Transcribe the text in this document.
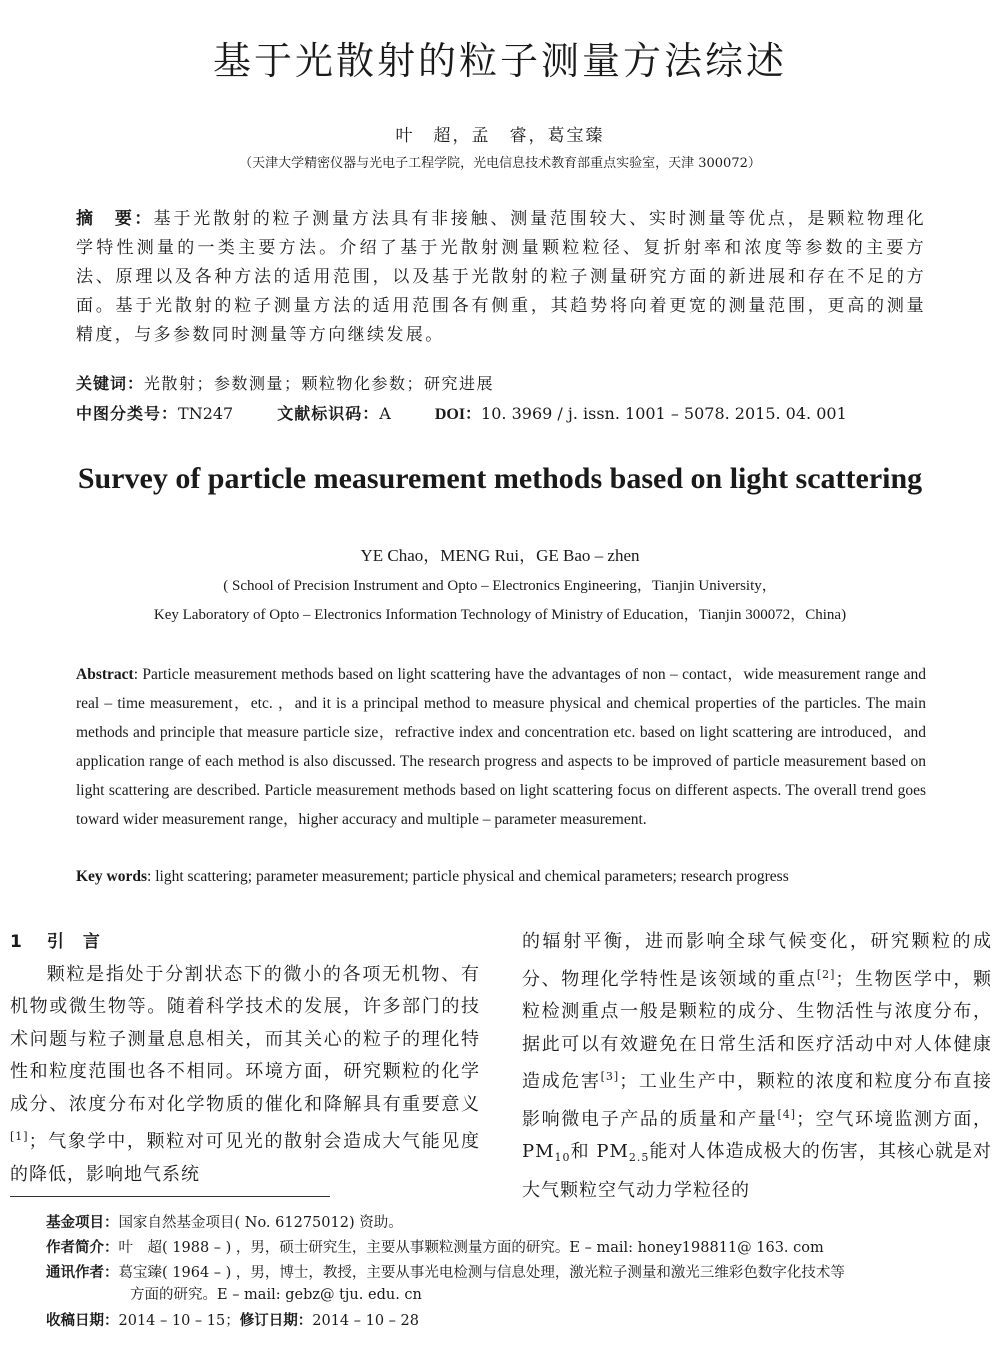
基于光散射的粒子测量方法综述
叶　超，孟　睿，葛宝臻
（天津大学精密仪器与光电子工程学院，光电信息技术教育部重点实验室，天津 300072）

摘　要：基于光散射的粒子测量方法具有非接触、测量范围较大、实时测量等优点，是颗粒物理化学特性测量的一类主要方法。介绍了基于光散射测量颗粒粒径、复折射率和浓度等参数的主要方法、原理以及各种方法的适用范围，以及基于光散射的粒子测量研究方面的新进展和存在不足的方面。基于光散射的粒子测量方法的适用范围各有侧重，其趋势将向着更宽的测量范围，更高的测量精度，与多参数同时测量等方向继续发展。

关键词：光散射；参数测量；颗粒物化参数；研究进展
中图分类号：TN247	文献标识码：A	DOI：10. 3969 / j. issn. 1001 – 5078. 2015. 04. 001
Survey of particle measurement methods based on light scattering
YE Chao，MENG Rui，GE Bao – zhen
( School of Precision Instrument and Opto – Electronics Engineering，Tianjin University，
Key Laboratory of Opto – Electronics Information Technology of Ministry of Education，Tianjin 300072，China)

Abstract: Particle measurement methods based on light scattering have the advantages of non – contact，wide measurement range and real – time measurement，etc. ，and it is a principal method to measure physical and chemical properties of the particles. The main methods and principle that measure particle size，refractive index and concentration etc. based on light scattering are introduced，and application range of each method is also discussed. The research progress and aspects to be improved of particle measurement based on light scattering are described. Particle measurement methods based on light scattering focus on different aspects. The overall trend goes toward wider measurement range，higher accuracy and multiple – parameter measurement.

Key words: light scattering; parameter measurement; particle physical and chemical parameters; research progress
1 引　言
颗粒是指处于分割状态下的微小的各项无机物、有机物或微生物等。随着科学技术的发展，许多部门的技术问题与粒子测量息息相关，而其关心的粒子的理化特性和粒度范围也各不相同。环境方面，研究颗粒的化学成分、浓度分布对化学物质的催化和降解具有重要意义[1]；气象学中，颗粒对可见光的散射会造成大气能见度的降低，影响地气系统
的辐射平衡，进而影响全球气候变化，研究颗粒的成分、物理化学特性是该领域的重点[2]；生物医学中，颗粒检测重点一般是颗粒的成分、生物活性与浓度分布，据此可以有效避免在日常生活和医疗活动中对人体健康造成危害[3]；工业生产中，颗粒的浓度和粒度分布直接影响微电子产品的质量和产量[4]；空气环境监测方面，$PM_{10}$和 $PM_{2.5}$能对人体造成极大的伤害，其核心就是对大气颗粒空气动力学粒径的

基金项目：国家自然基金项目( No. 61275012) 资助。

作者简介：叶　超( 1988 – ) ，男，硕士研究生，主要从事颗粒测量方面的研究。E – mail: honey198811@ 163. com

通讯作者：葛宝臻( 1964 – ) ，男，博士，教授，主要从事光电检测与信息处理，激光粒子测量和激光三维彩色数字化技术等
方面的研究。E – mail: gebz@ tju. edu. cn

收稿日期：2014 – 10 – 15；修订日期：2014 – 10 – 28
